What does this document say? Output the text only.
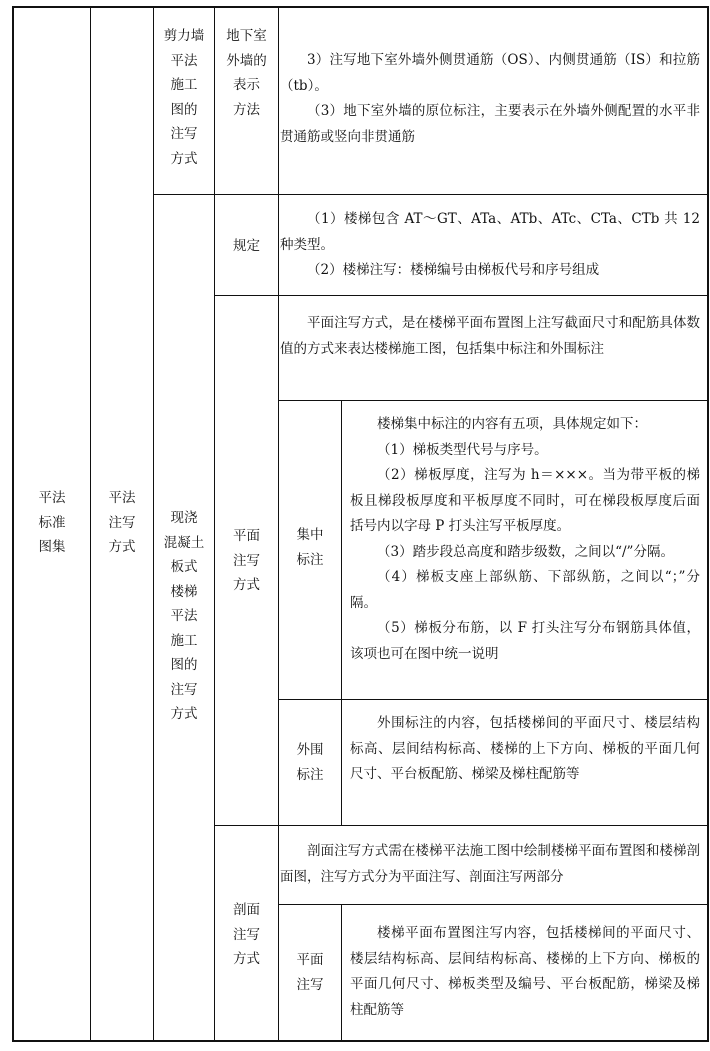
平法
标准
图集
平法
注写
方式
剪力墙
平法
施工
图的
注写
方式
地下室
外墙的
表示
方法

3）注写地下室外墙外侧贯通筋（OS）、内侧贯通筋（IS）和拉筋（tb）。

（3）地下室外墙的原位标注，主要表示在外墙外侧配置的水平非贯通筋或竖向非贯通筋

现浇
混凝土
板式
楼梯
平法
施工
图的
注写
方式
规定

（1）楼梯包含 AT～GT、ATa、ATb、ATc、CTa、CTb 共 12 种类型。

（2）楼梯注写：楼梯编号由梯板代号和序号组成

平面
注写
方式

平面注写方式，是在楼梯平面布置图上注写截面尺寸和配筋具体数值的方式来表达楼梯施工图，包括集中标注和外围标注

集中
标注

楼梯集中标注的内容有五项，具体规定如下：

（1）梯板类型代号与序号。

（2）梯板厚度，注写为 h＝×××。当为带平板的梯板且梯段板厚度和平板厚度不同时，可在梯段板厚度后面括号内以字母 P 打头注写平板厚度。

（3）踏步段总高度和踏步级数，之间以“/”分隔。

（4）梯板支座上部纵筋、下部纵筋，之间以“；”分隔。

（5）梯板分布筋，以 F 打头注写分布钢筋具体值，该项也可在图中统一说明

外围
标注

外围标注的内容，包括楼梯间的平面尺寸、楼层结构标高、层间结构标高、楼梯的上下方向、梯板的平面几何尺寸、平台板配筋、梯梁及梯柱配筋等

剖面
注写
方式

剖面注写方式需在楼梯平法施工图中绘制楼梯平面布置图和楼梯剖面图，注写方式分为平面注写、剖面注写两部分

平面
注写

楼梯平面布置图注写内容，包括楼梯间的平面尺寸、楼层结构标高、层间结构标高、楼梯的上下方向、梯板的平面几何尺寸、梯板类型及编号、平台板配筋，梯梁及梯柱配筋等
